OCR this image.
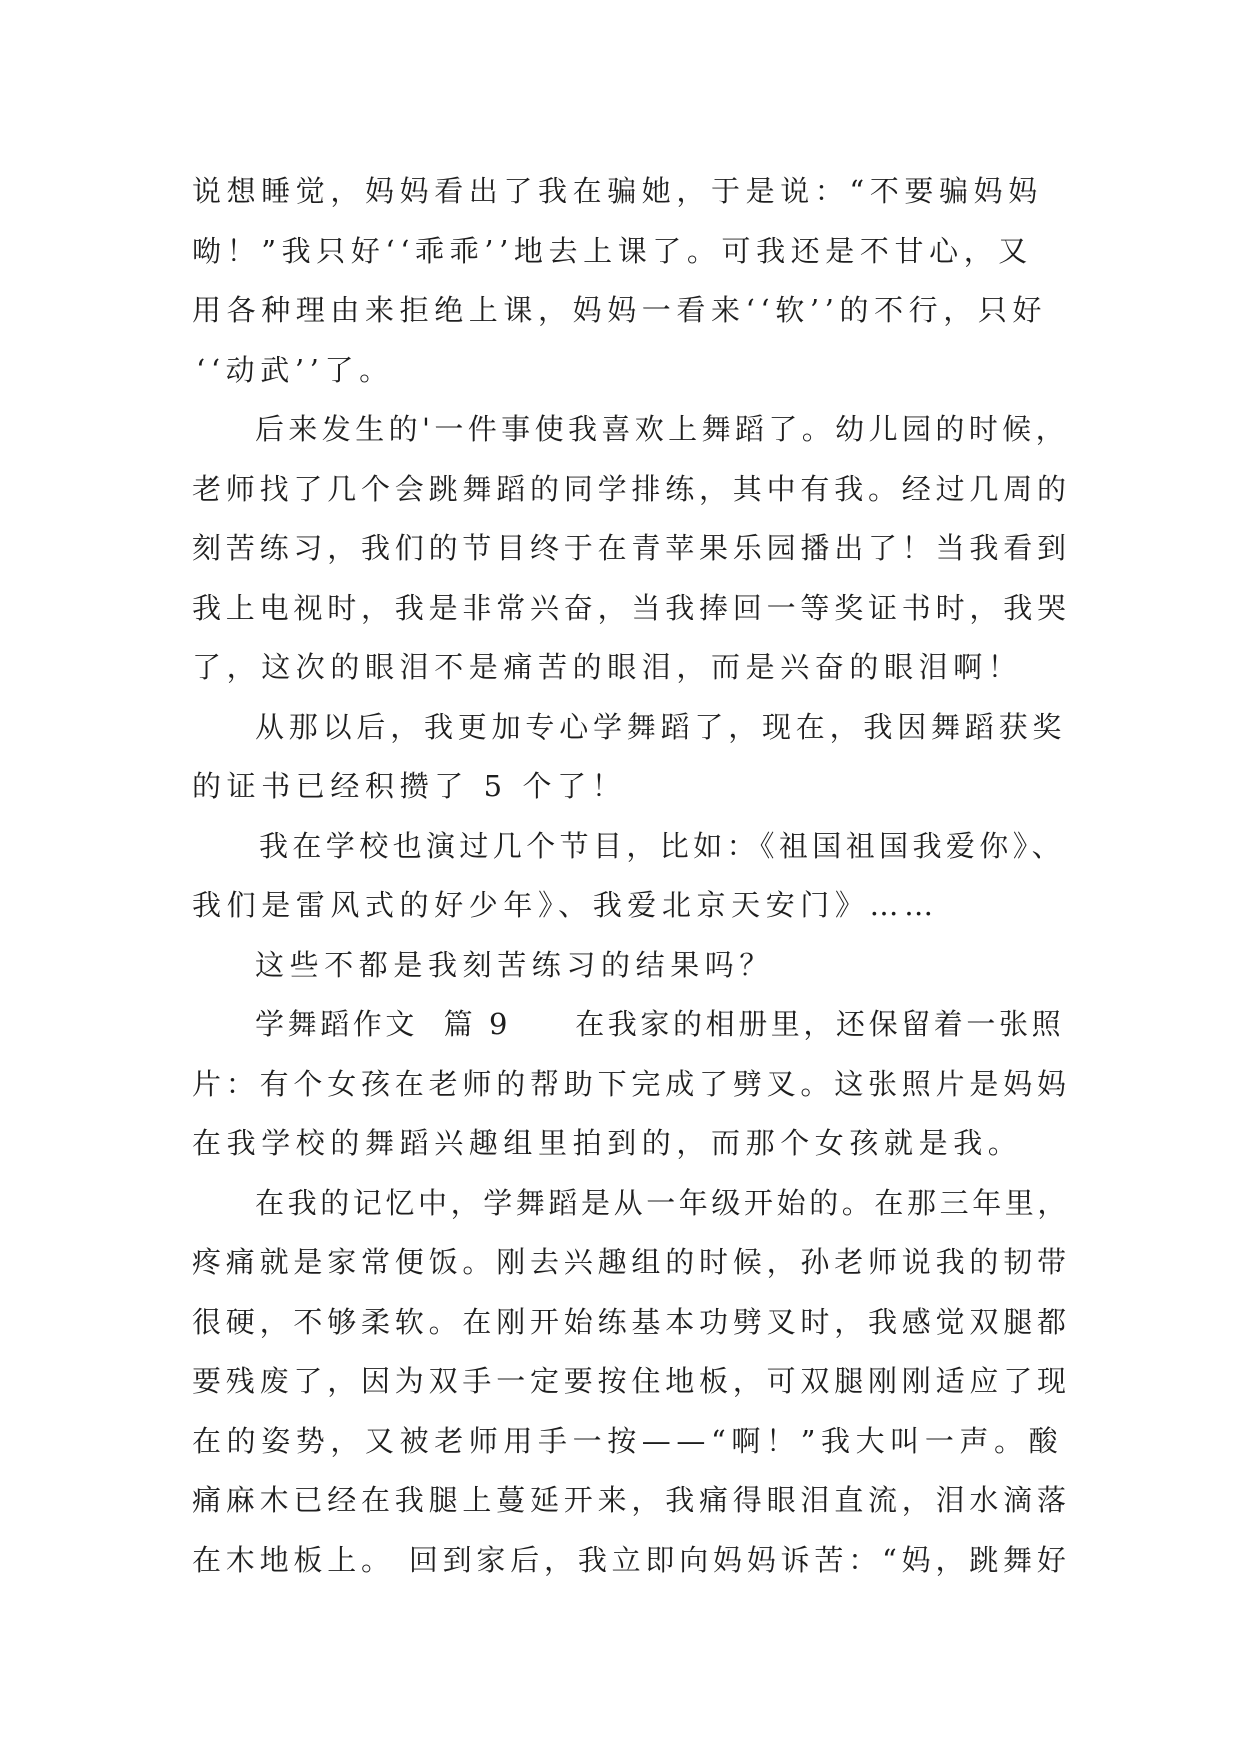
说想睡觉，妈妈看出了我在骗她，于是说：“不要骗妈妈
呦！”我只好‘‘乖乖’’地去上课了。可我还是不甘心，又
用各种理由来拒绝上课，妈妈一看来‘‘软’’的不行，只好
‘‘动武’’了。
后来发生的'一件事使我喜欢上舞蹈了。幼儿园的时候，
老师找了几个会跳舞蹈的同学排练，其中有我。经过几周的
刻苦练习，我们的节目终于在青苹果乐园播出了！当我看到
我上电视时，我是非常兴奋，当我捧回一等奖证书时，我哭
了，这次的眼泪不是痛苦的眼泪，而是兴奋的眼泪啊！
从那以后，我更加专心学舞蹈了，现在，我因舞蹈获奖
的证书已经积攒了 5 个了！
我在学校也演过几个节目，比如：《祖国祖国我爱你》、
我们是雷风式的好少年》、我爱北京天安门》……
这些不都是我刻苦练习的结果吗？
学舞蹈作文  篇 9     在我家的相册里，还保留着一张照
片：有个女孩在老师的帮助下完成了劈叉。这张照片是妈妈
在我学校的舞蹈兴趣组里拍到的，而那个女孩就是我。
在我的记忆中，学舞蹈是从一年级开始的。在那三年里，
疼痛就是家常便饭。刚去兴趣组的时候，孙老师说我的韧带
很硬，不够柔软。在刚开始练基本功劈叉时，我感觉双腿都
要残废了，因为双手一定要按住地板，可双腿刚刚适应了现
在的姿势，又被老师用手一按——“啊！”我大叫一声。酸
痛麻木已经在我腿上蔓延开来，我痛得眼泪直流，泪水滴落
在木地板上。 回到家后，我立即向妈妈诉苦：“妈，跳舞好
